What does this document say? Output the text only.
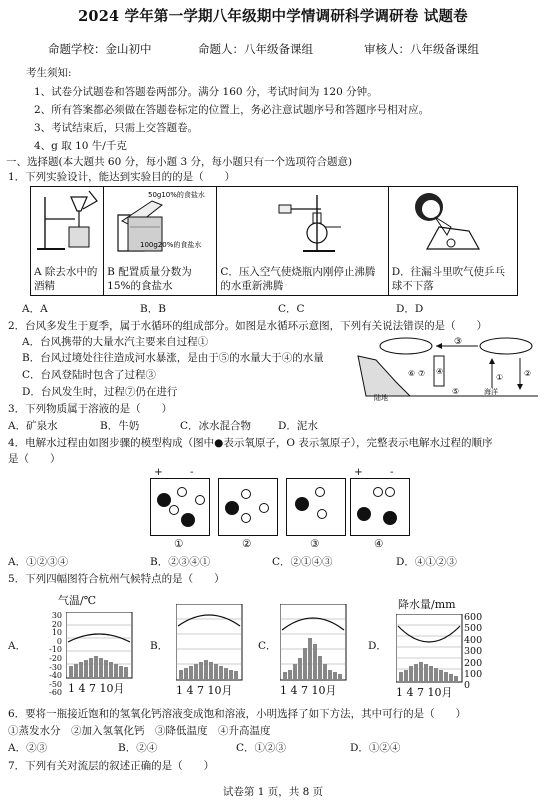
2024 学年第一学期八年级期中学情调研科学调研卷 试题卷
命题学校：金山初中	命题人：八年级备课组	审核人：八年级备课组
考生须知:
1、试卷分试题卷和答题卷两部分。满分 160 分，考试时间为 120 分钟。
2、所有答案都必须做在答题卷标定的位置上，务必注意试题序号和答题序号相对应。
3、考试结束后，只需上交答题卷。
4、g 取 10 牛/千克
一、选择题(本大题共 60 分，每小题 3 分，每小题只有一个选项符合题意)
1．下列实验设计，能达到实验目的的是（　　）
A 除去水中的酒精

50g10%的食盐水
100g20%的食盐水
B 配置质量分数为15%的食盐水

C．压入空气使烧瓶内刚停止沸腾的水重新沸腾

D．往漏斗里吹气使乒乓球不下落
A．A	B．B	C．C	D．D
2．台风多发生于夏季，属于水循环的组成部分。如图是水循环示意图，下列有关说法错误的是（　　）
A．台风携带的大量水汽主要来自过程①
B．台风过境处往往造成河水暴涨，是由于⑤的水量大于④的水量
C．台风登陆时包含了过程③
D．台风发生时，过程⑦仍在进行
③
陆地
海洋
④
①	②
⑦
⑥
⑤
3．下列物质属于溶液的是（　　）
A．矿泉水	B．牛奶	C．冰水混合物	D．泥水
4．电解水过程由如图步骤的模型构成（图中●表示氧原子，O 表示氢原子），完整表示电解水过程的顺序
是（　　）
+	-	+	-
①	②	③	④
A．①②③④	B．②③④①	C．②①④③	D．④①②③
5．下列四幅图符合杭州气候特点的是（　　）
气温/℃
30
20
10
0
-10
-20
-30
-40
-50
-60 1 4 7 10月	1 4 7 10月	1 4 7 10月
降水量/mm
600
500
400
300
200
100
0
1 4 7 10月
A．	B．	C．	D．
6．要将一瓶接近饱和的氢氧化钙溶液变成饱和溶液，小明选择了如下方法，其中可行的是（　　）
①蒸发水分　②加入氢氧化钙　③降低温度　④升高温度
A．②③	B．②④	C．①②③	D．①②④
7．下列有关对流层的叙述正确的是（　　）
试卷第 1 页，共 8 页
